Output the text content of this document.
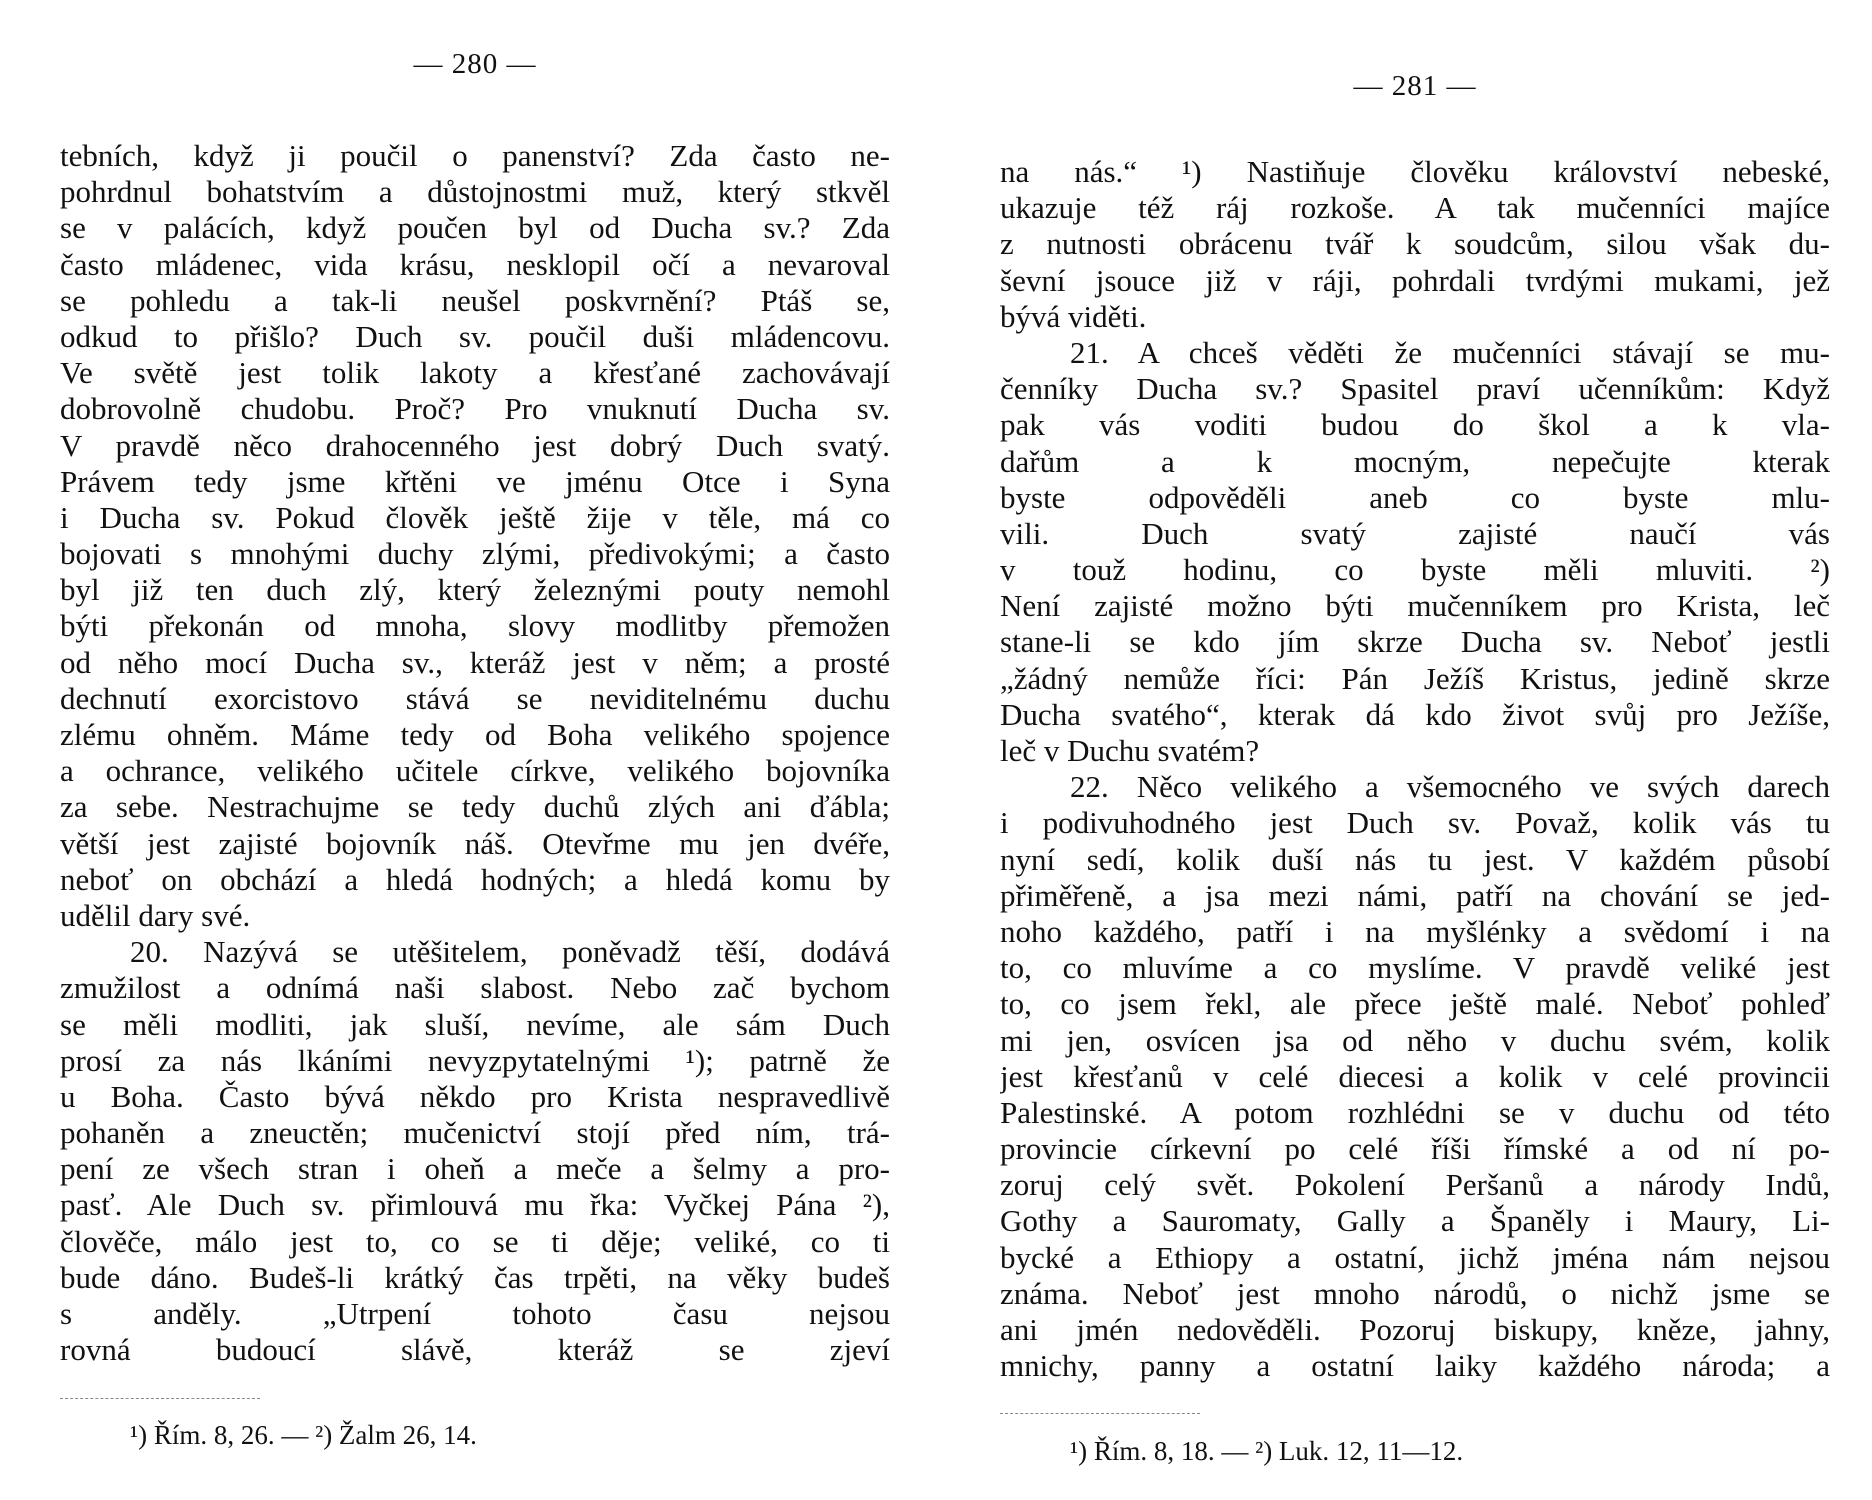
— 280 —
tebních, když ji poučil o panenství? Zda často ne-
pohrdnul bohatstvím a důstojnostmi muž, který stkvěl
se v palácích, když poučen byl od Ducha sv.? Zda
často mládenec, vida krásu, nesklopil očí a nevaroval
se pohledu a tak-li neušel poskvrnění? Ptáš se,
odkud to přišlo? Duch sv. poučil duši mládencovu.
Ve světě jest tolik lakoty a křesťané zachovávají
dobrovolně chudobu. Proč? Pro vnuknutí Ducha sv.
V pravdě něco drahocenného jest dobrý Duch svatý.
Právem tedy jsme křtěni ve jménu Otce i Syna
i Ducha sv. Pokud člověk ještě žije v těle, má co
bojovati s mnohými duchy zlými, předivokými; a často
byl již ten duch zlý, který železnými pouty nemohl
býti překonán od mnoha, slovy modlitby přemožen
od něho mocí Ducha sv., kteráž jest v něm; a prosté
dechnutí exorcistovo stává se neviditelnému duchu
zlému ohněm. Máme tedy od Boha velikého spojence
a ochrance, velikého učitele církve, velikého bojovníka
za sebe. Nestrachujme se tedy duchů zlých ani ďábla;
větší jest zajisté bojovník náš. Otevřme mu jen dvéře,
neboť on obchází a hledá hodných; a hledá komu by
udělil dary své.
20. Nazývá se utěšitelem, poněvadž těší, dodává
zmužilost a odnímá naši slabost. Nebo zač bychom
se měli modliti, jak sluší, nevíme, ale sám Duch
prosí za nás lkáními nevyzpytatelnými ¹); patrně že
u Boha. Často bývá někdo pro Krista nespravedlivě
pohaněn a zneuctěn; mučenictví stojí před ním, trá-
pení ze všech stran i oheň a meče a šelmy a pro-
pasť. Ale Duch sv. přimlouvá mu řka: Vyčkej Pána ²),
člověče, málo jest to, co se ti děje; veliké, co ti
bude dáno. Budeš-li krátký čas trpěti, na věky budeš
s anděly. „Utrpení tohoto času nejsou
rovná budoucí slávě, kteráž se zjeví
¹) Řím. 8, 26. — ²) Žalm 26, 14.
— 281 —
na nás.“ ¹) Nastiňuje člověku království nebeské,
ukazuje též ráj rozkoše. A tak mučenníci majíce
z nutnosti obrácenu tvář k soudcům, silou však du-
ševní jsouce již v ráji, pohrdali tvrdými mukami, jež
bývá viděti.
21. A chceš věděti že mučenníci stávají se mu-
čenníky Ducha sv.? Spasitel praví učenníkům: Když
pak vás voditi budou do škol a k vla-
dařům a k mocným, nepečujte kterak
byste odpověděli aneb co byste mlu-
vili. Duch svatý zajisté naučí vás
v touž hodinu, co byste měli mluviti. ²)
Není zajisté možno býti mučenníkem pro Krista, leč
stane-li se kdo jím skrze Ducha sv. Neboť jestli
„žádný nemůže říci: Pán Ježíš Kristus, jedině skrze
Ducha svatého“, kterak dá kdo život svůj pro Ježíše,
leč v Duchu svatém?
22. Něco velikého a všemocného ve svých darech
i podivuhodného jest Duch sv. Považ, kolik vás tu
nyní sedí, kolik duší nás tu jest. V každém působí
přiměřeně, a jsa mezi námi, patří na chování se jed-
noho každého, patří i na myšlénky a svědomí i na
to, co mluvíme a co myslíme. V pravdě veliké jest
to, co jsem řekl, ale přece ještě malé. Neboť pohleď
mi jen, osvícen jsa od něho v duchu svém, kolik
jest křesťanů v celé diecesi a kolik v celé provincii
Palestinské. A potom rozhlédni se v duchu od této
provincie církevní po celé říši římské a od ní po-
zoruj celý svět. Pokolení Peršanů a národy Indů,
Gothy a Sauromaty, Gally a Španěly i Maury, Li-
bycké a Ethiopy a ostatní, jichž jména nám nejsou
známa. Neboť jest mnoho národů, o nichž jsme se
ani jmén nedověděli. Pozoruj biskupy, kněze, jahny,
mnichy, panny a ostatní laiky každého národa; a
¹) Řím. 8, 18. — ²) Luk. 12, 11—12.
